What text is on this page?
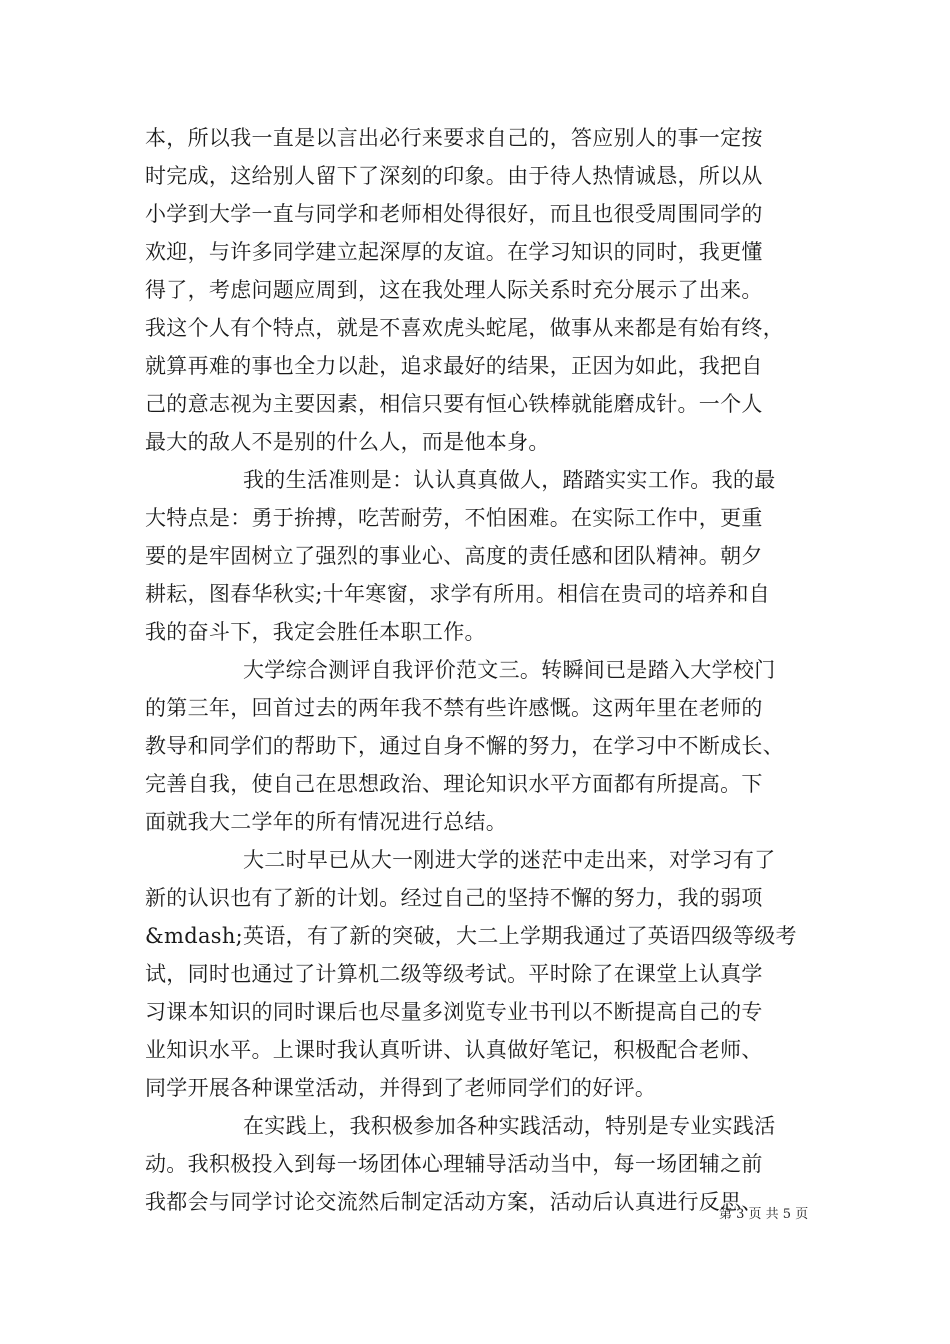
本，所以我一直是以言出必行来要求自己的，答应别人的事一定按
时完成，这给别人留下了深刻的印象。由于待人热情诚恳，所以从
小学到大学一直与同学和老师相处得很好，而且也很受周围同学的
欢迎，与许多同学建立起深厚的友谊。在学习知识的同时，我更懂
得了，考虑问题应周到，这在我处理人际关系时充分展示了出来。
我这个人有个特点，就是不喜欢虎头蛇尾，做事从来都是有始有终，
就算再难的事也全力以赴，追求最好的结果，正因为如此，我把自
己的意志视为主要因素，相信只要有恒心铁棒就能磨成针。一个人
最大的敌人不是别的什么人，而是他本身。
我的生活准则是：认认真真做人，踏踏实实工作。我的最
大特点是：勇于拚搏，吃苦耐劳，不怕困难。在实际工作中，更重
要的是牢固树立了强烈的事业心、高度的责任感和团队精神。朝夕
耕耘，图春华秋实;十年寒窗，求学有所用。相信在贵司的培养和自
我的奋斗下，我定会胜任本职工作。
大学综合测评自我评价范文三。转瞬间已是踏入大学校门
的第三年，回首过去的两年我不禁有些许感慨。这两年里在老师的
教导和同学们的帮助下，通过自身不懈的努力，在学习中不断成长、
完善自我，使自己在思想政治、理论知识水平方面都有所提高。下
面就我大二学年的所有情况进行总结。
大二时早已从大一刚进大学的迷茫中走出来，对学习有了
新的认识也有了新的计划。经过自己的坚持不懈的努力，我的弱项
&mdash;英语，有了新的突破，大二上学期我通过了英语四级等级考
试，同时也通过了计算机二级等级考试。平时除了在课堂上认真学
习课本知识的同时课后也尽量多浏览专业书刊以不断提高自己的专
业知识水平。上课时我认真听讲、认真做好笔记，积极配合老师、
同学开展各种课堂活动，并得到了老师同学们的好评。
在实践上，我积极参加各种实践活动，特别是专业实践活
动。我积极投入到每一场团体心理辅导活动当中，每一场团辅之前
我都会与同学讨论交流然后制定活动方案，活动后认真进行反思、
第 3 页 共 5 页
